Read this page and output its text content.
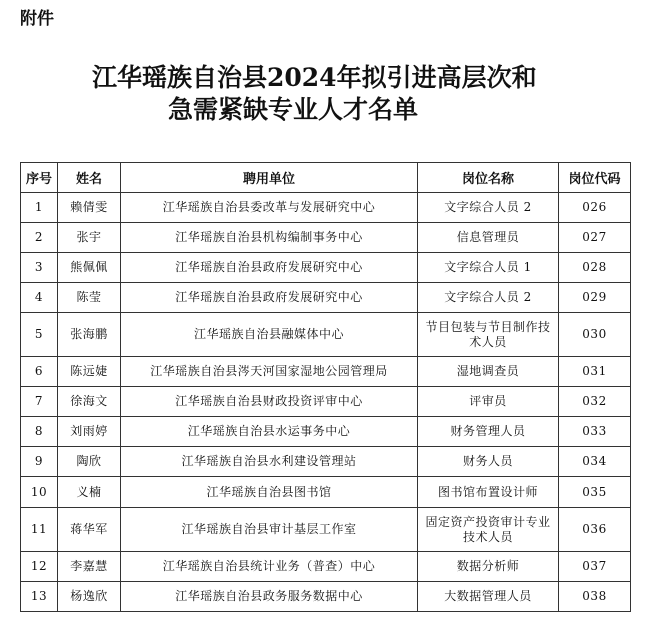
附件
江华瑶族自治县2024年拟引进高层次和
急需紧缺专业人才名单
序号	姓名	聘用单位	岗位名称	岗位代码
1	赖倩雯	江华瑶族自治县委改革与发展研究中心	文字综合人员 2	026
2	张宇	江华瑶族自治县机构编制事务中心	信息管理员	027
3	熊佩佩	江华瑶族自治县政府发展研究中心	文字综合人员 1	028
4	陈莹	江华瑶族自治县政府发展研究中心	文字综合人员 2	029
5	张海鹏	江华瑶族自治县融媒体中心	节目包装与节目制作技术人员	030
6	陈远婕	江华瑶族自治县涔天河国家湿地公园管理局	湿地调查员	031
7	徐海文	江华瑶族自治县财政投资评审中心	评审员	032
8	刘雨婷	江华瑶族自治县水运事务中心	财务管理人员	033
9	陶欣	江华瑶族自治县水利建设管理站	财务人员	034
10	义楠	江华瑶族自治县图书馆	图书馆布置设计师	035
11	蒋华军	江华瑶族自治县审计基层工作室	固定资产投资审计专业技术人员	036
12	李嘉慧	江华瑶族自治县统计业务（普查）中心	数据分析师	037
13	杨逸欣	江华瑶族自治县政务服务数据中心	大数据管理人员	038
